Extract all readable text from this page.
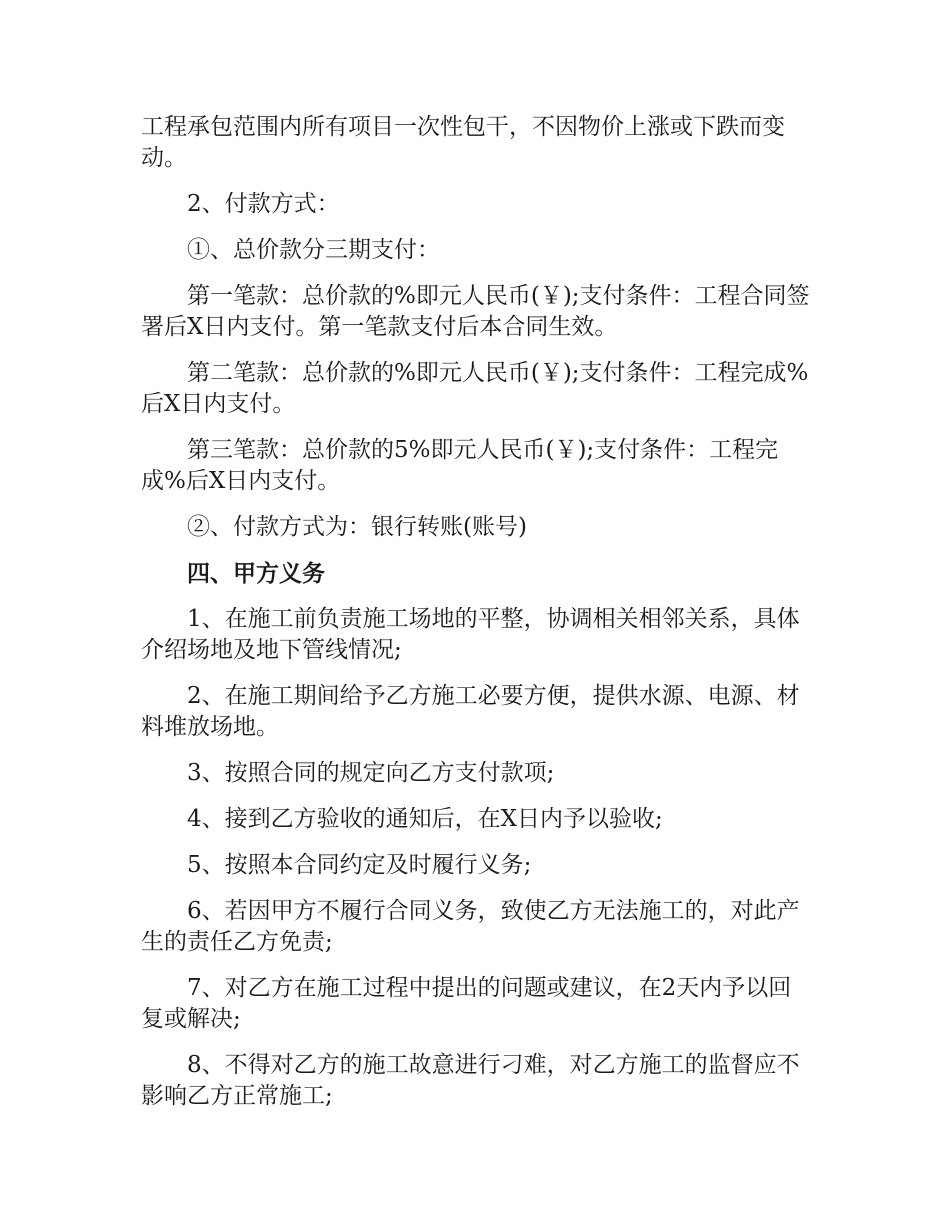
工程承包范围内所有项目一次性包干，不因物价上涨或下跌而变动。

2、付款方式：

①、总价款分三期支付：

第一笔款：总价款的%即元人民币(￥);支付条件：工程合同签署后X日内支付。第一笔款支付后本合同生效。

第二笔款：总价款的%即元人民币(￥);支付条件：工程完成%后X日内支付。

第三笔款：总价款的5%即元人民币(￥);支付条件：工程完成%后X日内支付。

②、付款方式为：银行转账(账号)

四、甲方义务

1、在施工前负责施工场地的平整，协调相关相邻关系，具体介绍场地及地下管线情况;

2、在施工期间给予乙方施工必要方便，提供水源、电源、材料堆放场地。

3、按照合同的规定向乙方支付款项;

4、接到乙方验收的通知后，在X日内予以验收;

5、按照本合同约定及时履行义务;

6、若因甲方不履行合同义务，致使乙方无法施工的，对此产生的责任乙方免责;

7、对乙方在施工过程中提出的问题或建议，在2天内予以回复或解决;

8、不得对乙方的施工故意进行刁难，对乙方施工的监督应不影响乙方正常施工;
